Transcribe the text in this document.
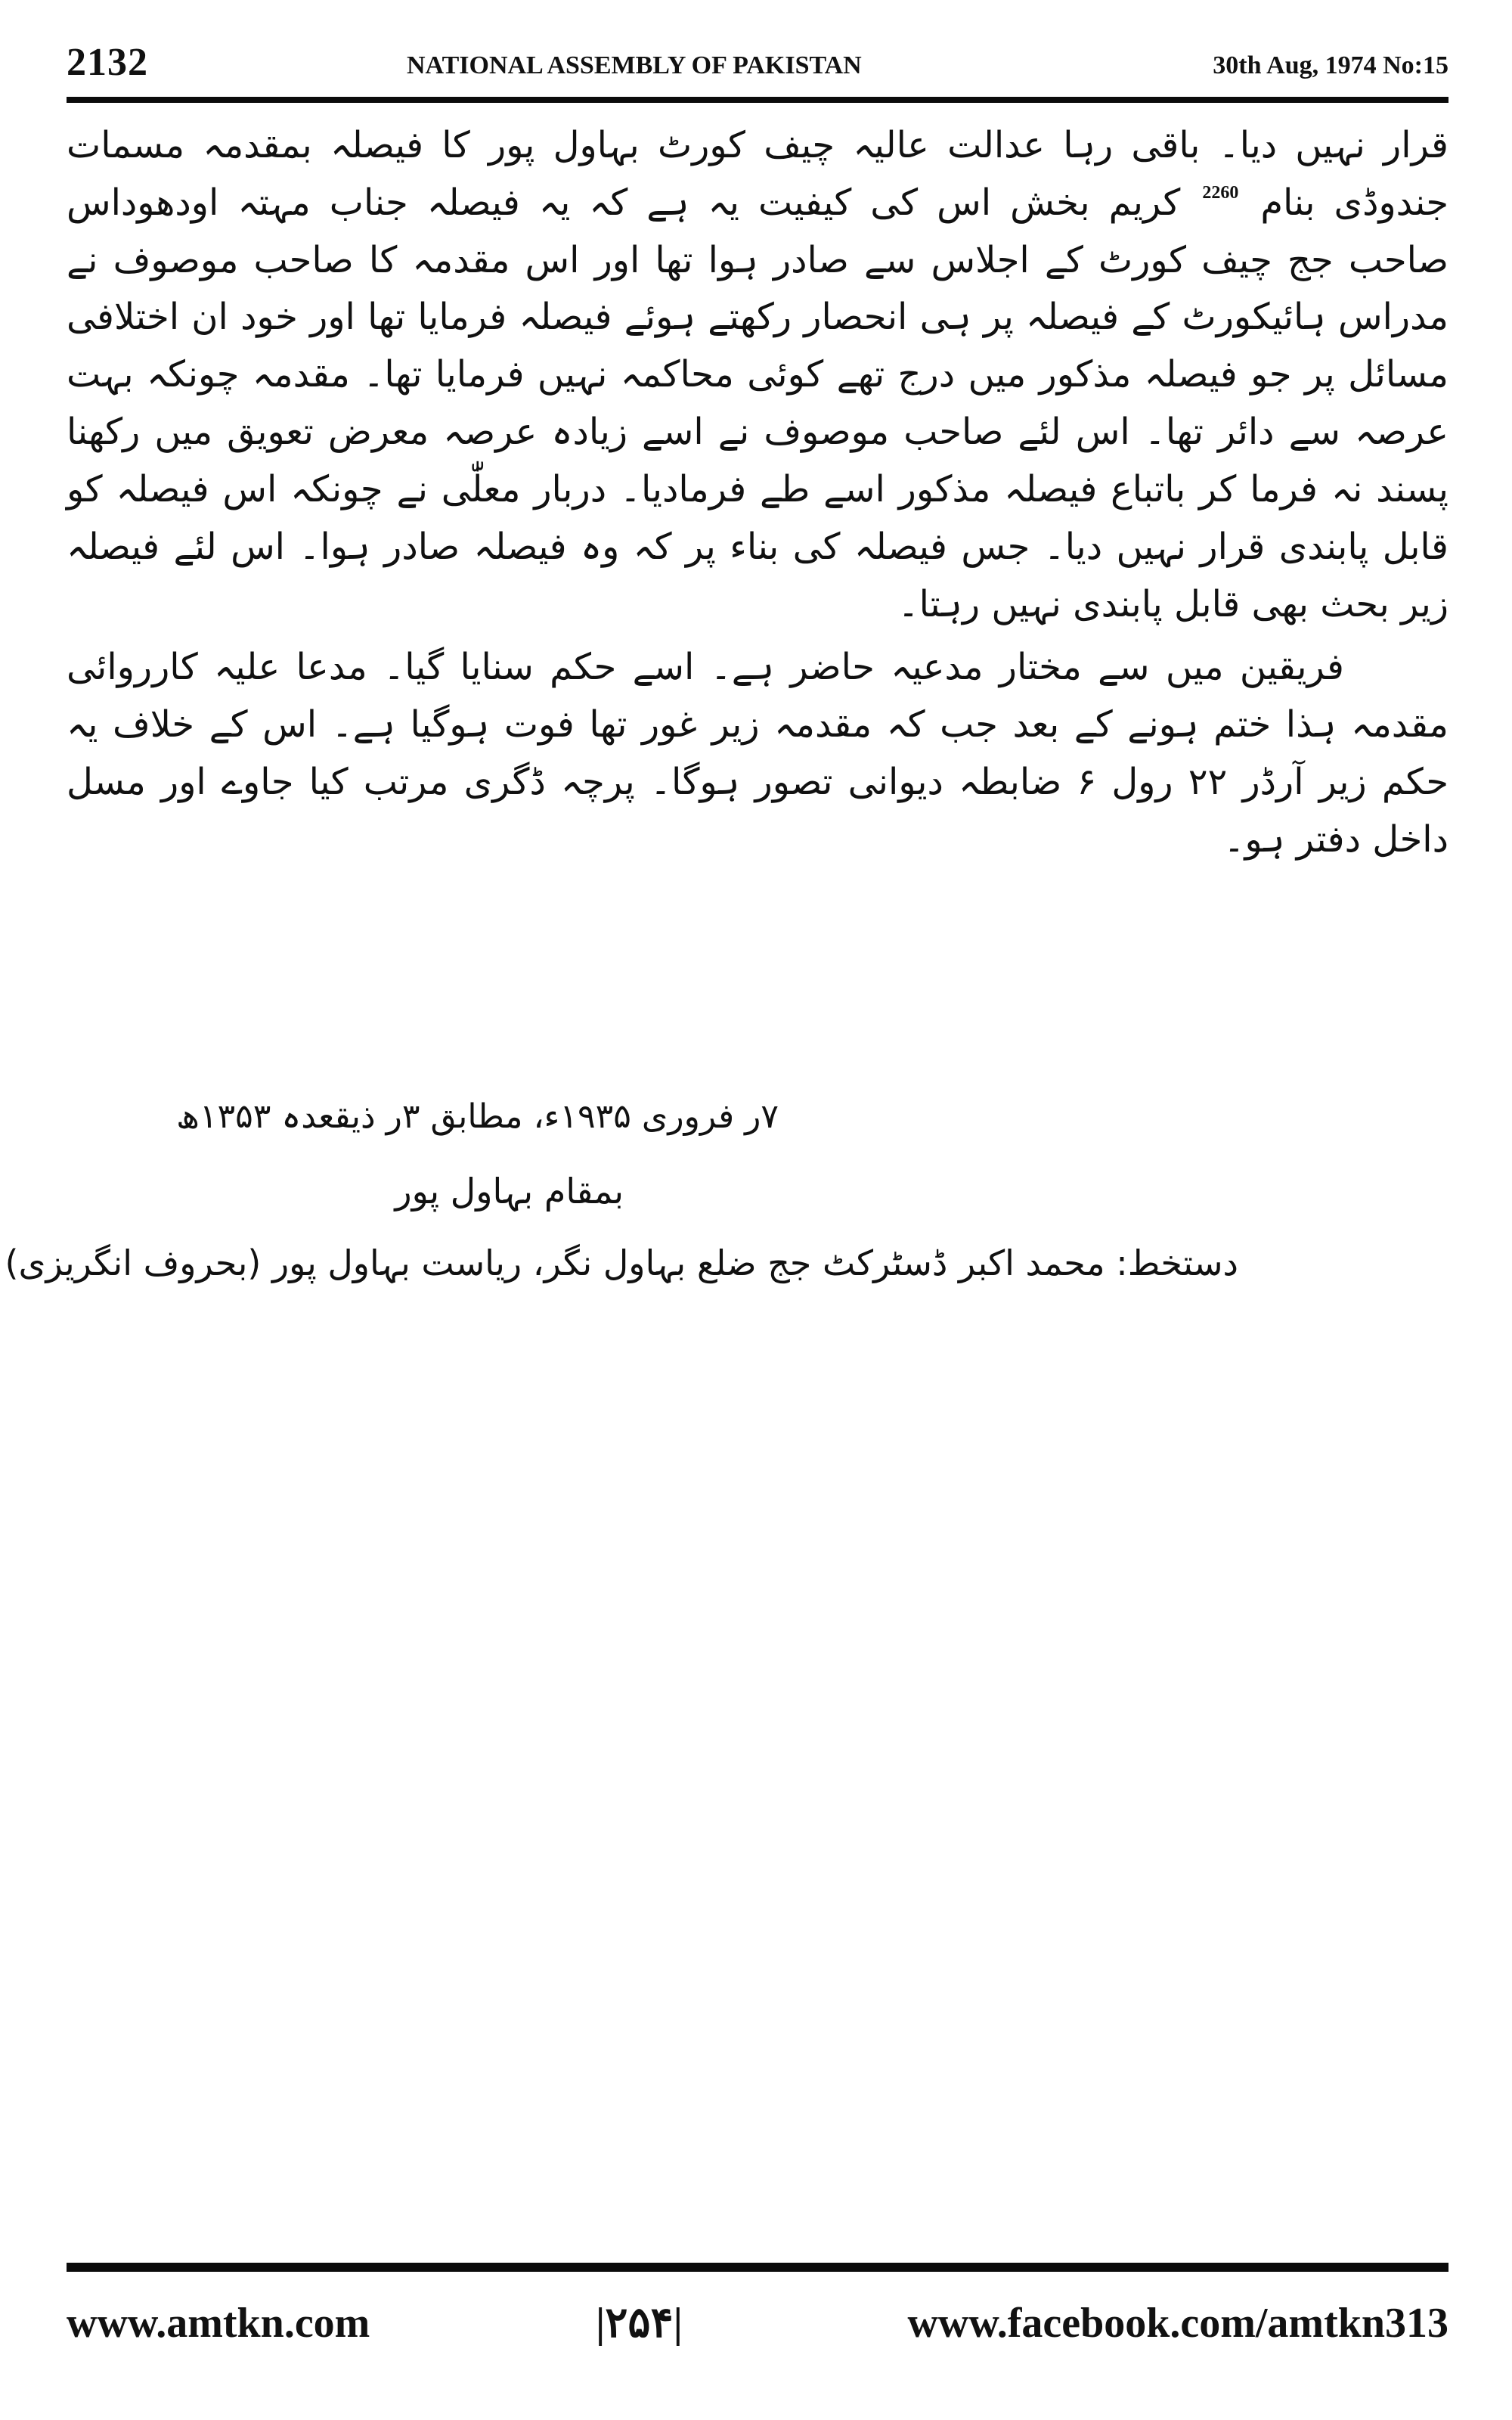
2132	NATIONAL ASSEMBLY OF PAKISTAN	30th Aug, 1974 No:15

قرار نہیں دیا۔ باقی رہا عدالت عالیہ چیف کورٹ بہاول پور کا فیصلہ بمقدمہ مسمات جندوڈی بنام $^{2260}$ کریم بخش اس کی کیفیت یہ ہے کہ یہ فیصلہ جناب مہتہ اودھوداس صاحب جج چیف کورٹ کے اجلاس سے صادر ہوا تھا اور اس مقدمہ کا صاحب موصوف نے مدراس ہائیکورٹ کے فیصلہ پر ہی انحصار رکھتے ہوئے فیصلہ فرمایا تھا اور خود ان اختلافی مسائل پر جو فیصلہ مذکور میں درج تھے کوئی محاکمہ نہیں فرمایا تھا۔ مقدمہ چونکہ بہت عرصہ سے دائر تھا۔ اس لئے صاحب موصوف نے اسے زیادہ عرصہ معرض تعویق میں رکھنا پسند نہ فرما کر باتباع فیصلہ مذکور اسے طے فرمادیا۔ دربار معلّٰی نے چونکہ اس فیصلہ کو قابل پابندی قرار نہیں دیا۔ جس فیصلہ کی بناء پر کہ وہ فیصلہ صادر ہوا۔ اس لئے فیصلہ زیر بحث بھی قابل پابندی نہیں رہتا۔

فریقین میں سے مختار مدعیہ حاضر ہے۔ اسے حکم سنایا گیا۔ مدعا علیہ کارروائی مقدمہ ہذا ختم ہونے کے بعد جب کہ مقدمہ زیر غور تھا فوت ہوگیا ہے۔ اس کے خلاف یہ حکم زیر آرڈر ۲۲ رول ۶ ضابطہ دیوانی تصور ہوگا۔ پرچہ ڈگری مرتب کیا جاوے اور مسل داخل دفتر ہو۔

۷ر فروری ۱۹۳۵ء، مطابق ۳ر ذیقعدہ ۱۳۵۳ھ
بمقام بہاول پور
دستخط: محمد اکبر ڈسٹرکٹ جج ضلع بہاول نگر، ریاست بہاول پور (بحروف انگریزی)
www.amtkn.com	|۲۵۴|	www.facebook.com/amtkn313
